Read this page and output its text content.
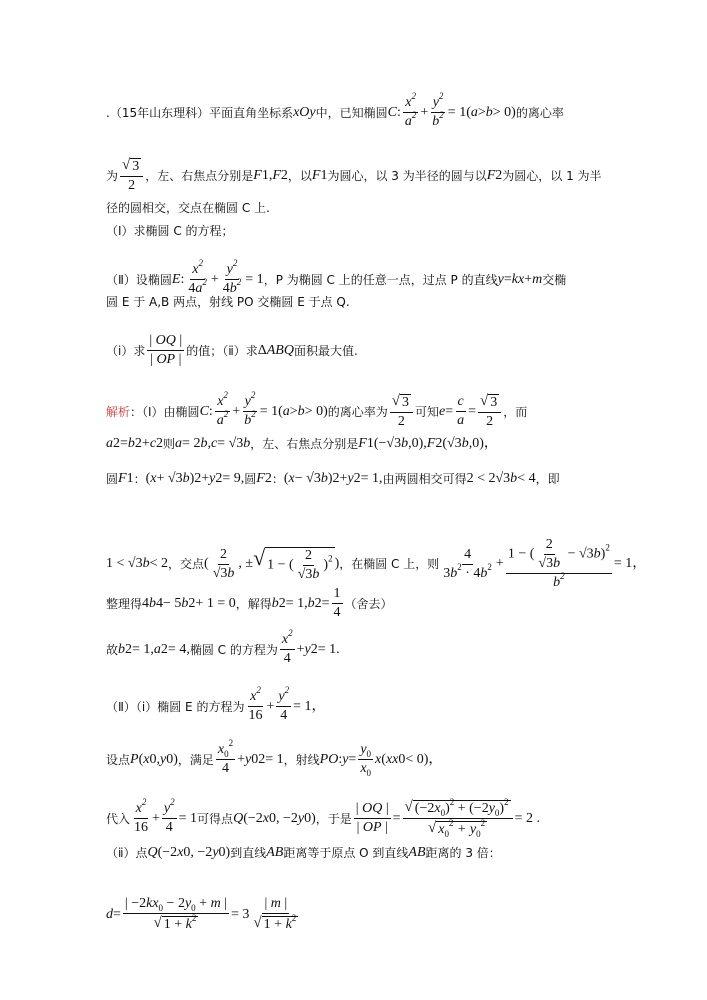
.（15年山东理科）平面直角坐标系 xOy 中，已知椭圆 C : $\frac{x^2}{a^2} + \frac{y^2}{b^2} = 1$( a > b > 0) 的离心率
为 $\frac{√ 3}{2}$ ，左、右焦点分别是 F 1 , F 2 ，以 F 1 为圆心，以 3 为半径的圆与以 F 2 为圆心，以 1 为半
径的圆相交，交点在椭圆 C 上.
（Ⅰ）求椭圆 C 的方程；
（Ⅱ）设椭圆 E : $\frac{x^2}{4a^2} + \frac{y^2}{4b^2} = 1$ ，P 为椭圆 C 上的任意一点，过点 P 的直线 y = kx + m 交椭
圆 E 于 A,B 两点，射线 PO 交椭圆 E 于点 Q.
（ⅰ）求 $\frac{| OQ |}{| OP |}$ 的值；（ⅱ）求 Δ ABQ 面积最大值.
解析 ：（Ⅰ）由椭圆 C : $\frac{x^2}{a^2} + \frac{y^2}{b^2} = 1$( a > b > 0) 的离心率为 $\frac{√ 3}{2}$ 可知 $e = \frac{c}{a} = \frac{√ 3}{2}$ ，而
a 2 = b 2 + c 2 则 a = 2 b , c = √3 b ，左、右焦点分别是 F 1 (−√3 b ,0), F 2 (√3 b ,0)，
圆 F 1 ： ( x + √3 b ) 2 + y 2 = 9, 圆 F 2 ： ( x − √3 b ) 2 + y 2 = 1, 由两圆相交可得 2 < 2√3 b < 4 ，即
1 < √3 b < 2 ，交点 ( $\frac{2}{√3b}$ , ± √ 1 − ( $\frac{2}{√3b} )^2$ ) ，在椭圆 C 上，则 $\frac{4}{3b^2 \cdot 4b^2} + \frac{1 - ( \frac{2}{√3b} - √3b)^2}{b^2} = 1$，
整理得 4 b 4 − 5 b 2 + 1 = 0 ，解得 b 2 = 1, b $2 = \frac{1}{4}$ （舍去）
故 b 2 = 1, a 2 = 4, 椭圆 C 的方程为 $\frac{x^2}{4} + y$ 2 = 1.
（Ⅱ）（ⅰ）椭圆 E 的方程为 $\frac{x^2}{16} + \frac{y^2}{4} = 1$，
设点 P ( x 0 , y 0 ) ，满足 $\frac{x_0^2}{4} + y$ 0 2 = 1 ，射线 PO : $y = \frac{y_0}{x_0}$ x ( xx 0 < 0)，
代入 $\frac{x^2}{16} + \frac{y^2}{4} = 1$ 可得点 Q (−2 x 0 , −2 y 0 ) ，于是 $\frac{| OQ |}{| OP |} = \frac{√ (-2x_0)^2 + (-2y_0)^2}{√ x_0^2 + y_0^2} = 2$ .
（ⅱ）点 Q (−2 x 0 , −2 y 0 ) 到直线 AB 距离等于原点 O 到直线 AB 距离的 3 倍：
$d = \frac{| -2kx_0 - 2y_0 + m |}{√ 1 + k^2} = 3 \frac{| m |}{√ 1 + k^2}$
